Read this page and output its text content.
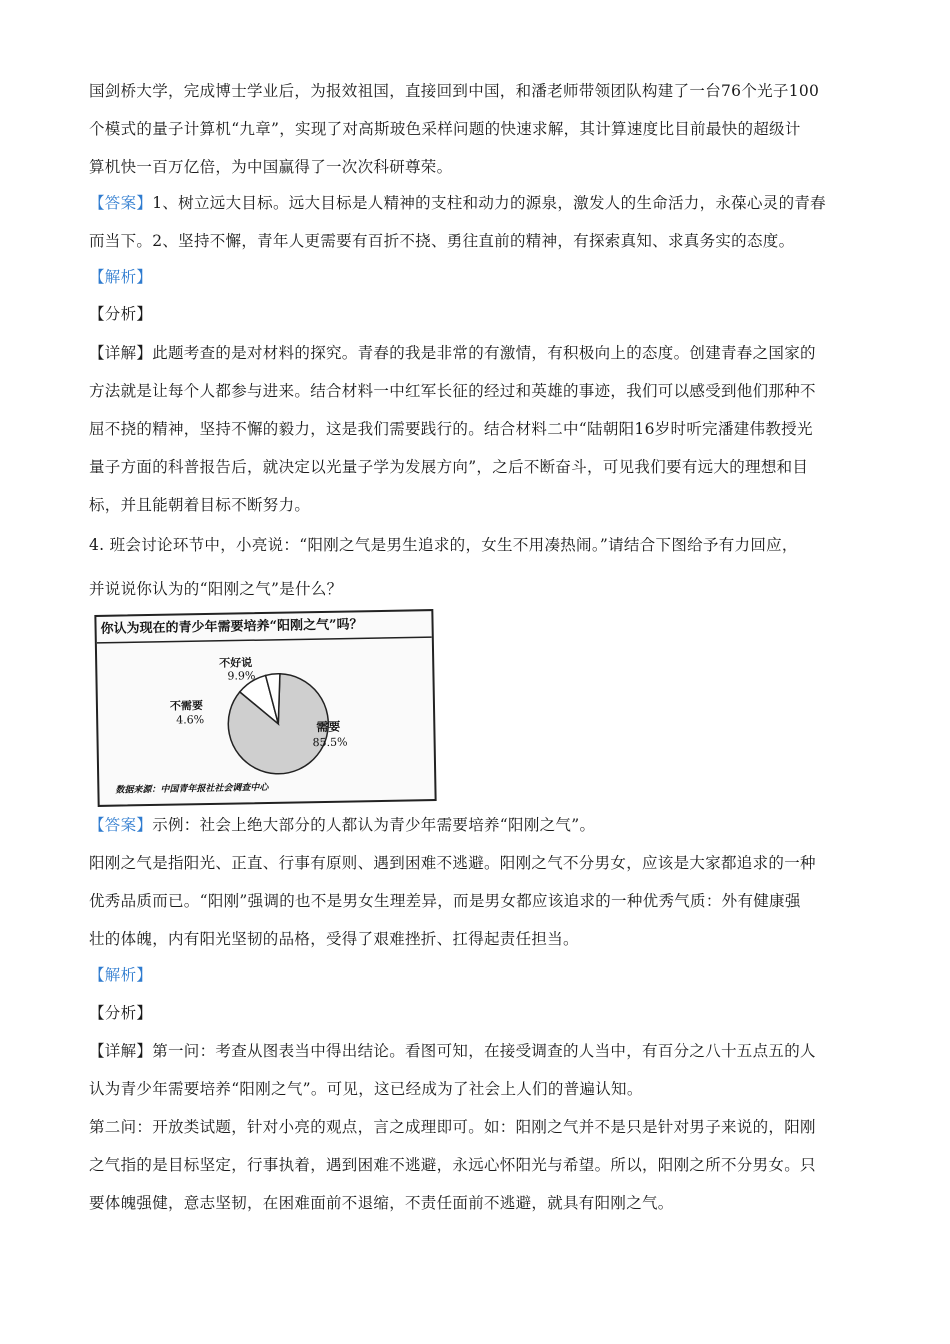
国剑桥大学，完成博士学业后，为报效祖国，直接回到中国，和潘老师带领团队构建了一台76个光子100
个模式的量子计算机“九章”，实现了对高斯玻色采样问题的快速求解，其计算速度比目前最快的超级计
算机快一百万亿倍，为中国赢得了一次次科研尊荣。
【答案】1、树立远大目标。远大目标是人精神的支柱和动力的源泉，激发人的生命活力，永葆心灵的青春
而当下。2、坚持不懈，青年人更需要有百折不挠、勇往直前的精神，有探索真知、求真务实的态度。
【解析】
【分析】
【详解】此题考查的是对材料的探究。青春的我是非常的有激情，有积极向上的态度。创建青春之国家的
方法就是让每个人都参与进来。结合材料一中红军长征的经过和英雄的事迹，我们可以感受到他们那种不
屈不挠的精神，坚持不懈的毅力，这是我们需要践行的。结合材料二中“陆朝阳16岁时听完潘建伟教授光
量子方面的科普报告后，就决定以光量子学为发展方向”，之后不断奋斗，可见我们要有远大的理想和目
标，并且能朝着目标不断努力。
4. 班会讨论环节中，小亮说：“阳刚之气是男生追求的，女生不用凑热闹。”请结合下图给予有力回应，
并说说你认为的“阳刚之气”是什么？
你认为现在的青少年需要培养“阳刚之气”吗？
不好说
9.9%
不需要
4.6%	需要
85.5%
数据来源：中国青年报社社会调查中心
【答案】示例：社会上绝大部分的人都认为青少年需要培养“阳刚之气”。
阳刚之气是指阳光、正直、行事有原则、遇到困难不逃避。阳刚之气不分男女，应该是大家都追求的一种
优秀品质而已。“阳刚”强调的也不是男女生理差异，而是男女都应该追求的一种优秀气质：外有健康强
壮的体魄，内有阳光坚韧的品格，受得了艰难挫折、扛得起责任担当。
【解析】
【分析】
【详解】第一问：考查从图表当中得出结论。看图可知，在接受调查的人当中，有百分之八十五点五的人
认为青少年需要培养“阳刚之气”。可见，这已经成为了社会上人们的普遍认知。
第二问：开放类试题，针对小亮的观点，言之成理即可。如：阳刚之气并不是只是针对男子来说的，阳刚
之气指的是目标坚定，行事执着，遇到困难不逃避，永远心怀阳光与希望。所以，阳刚之所不分男女。只
要体魄强健，意志坚韧，在困难面前不退缩，不责任面前不逃避，就具有阳刚之气。
